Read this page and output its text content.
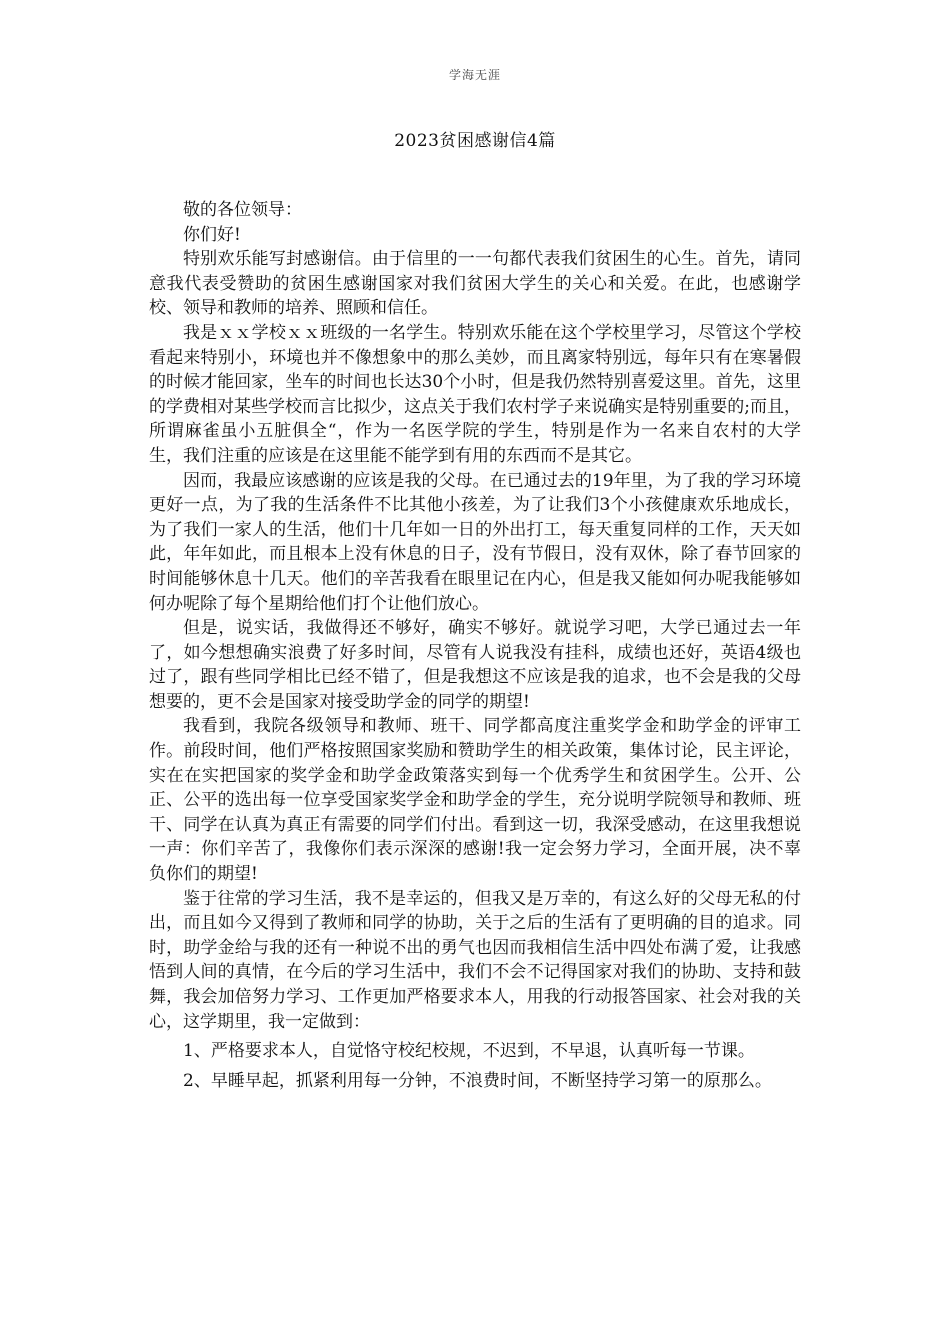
学海无涯
2023贫困感谢信4篇

敬的各位领导：

你们好!

特别欢乐能写封感谢信。由于信里的一一句都代表我们贫困生的心生。首先，请同意我代表受赞助的贫困生感谢国家对我们贫困大学生的关心和关爱。在此，也感谢学校、领导和教师的培养、照顾和信任。

我是ｘｘ学校ｘｘ班级的一名学生。特别欢乐能在这个学校里学习，尽管这个学校看起来特别小，环境也并不像想象中的那么美妙，而且离家特别远，每年只有在寒暑假的时候才能回家，坐车的时间也长达30个小时，但是我仍然特别喜爱这里。首先，这里的学费相对某些学校而言比拟少，这点关于我们农村学子来说确实是特别重要的;而且，所谓麻雀虽小五脏俱全“，作为一名医学院的学生，特别是作为一名来自农村的大学生，我们注重的应该是在这里能不能学到有用的东西而不是其它。

因而，我最应该感谢的应该是我的父母。在已通过去的19年里，为了我的学习环境更好一点，为了我的生活条件不比其他小孩差，为了让我们3个小孩健康欢乐地成长，为了我们一家人的生活，他们十几年如一日的外出打工，每天重复同样的工作，天天如此，年年如此，而且根本上没有休息的日子，没有节假日，没有双休，除了春节回家的时间能够休息十几天。他们的辛苦我看在眼里记在内心，但是我又能如何办呢我能够如何办呢除了每个星期给他们打个让他们放心。

但是，说实话，我做得还不够好，确实不够好。就说学习吧，大学已通过去一年了，如今想想确实浪费了好多时间，尽管有人说我没有挂科，成绩也还好，英语4级也过了，跟有些同学相比已经不错了，但是我想这不应该是我的追求，也不会是我的父母想要的，更不会是国家对接受助学金的同学的期望!

我看到，我院各级领导和教师、班干、同学都高度注重奖学金和助学金的评审工作。前段时间，他们严格按照国家奖励和赞助学生的相关政策，集体讨论，民主评论，实在在实把国家的奖学金和助学金政策落实到每一个优秀学生和贫困学生。公开、公正、公平的选出每一位享受国家奖学金和助学金的学生，充分说明学院领导和教师、班干、同学在认真为真正有需要的同学们付出。看到这一切，我深受感动，在这里我想说一声：你们辛苦了，我像你们表示深深的感谢!我一定会努力学习，全面开展，决不辜负你们的期望!

鉴于往常的学习生活，我不是幸运的，但我又是万幸的，有这么好的父母无私的付出，而且如今又得到了教师和同学的协助，关于之后的生活有了更明确的目的追求。同时，助学金给与我的还有一种说不出的勇气也因而我相信生活中四处布满了爱，让我感悟到人间的真情，在今后的学习生活中，我们不会不记得国家对我们的协助、支持和鼓舞，我会加倍努力学习、工作更加严格要求本人，用我的行动报答国家、社会对我的关心，这学期里，我一定做到：

1、严格要求本人，自觉恪守校纪校规，不迟到，不早退，认真听每一节课。

2、早睡早起，抓紧利用每一分钟，不浪费时间，不断坚持学习第一的原那么。
